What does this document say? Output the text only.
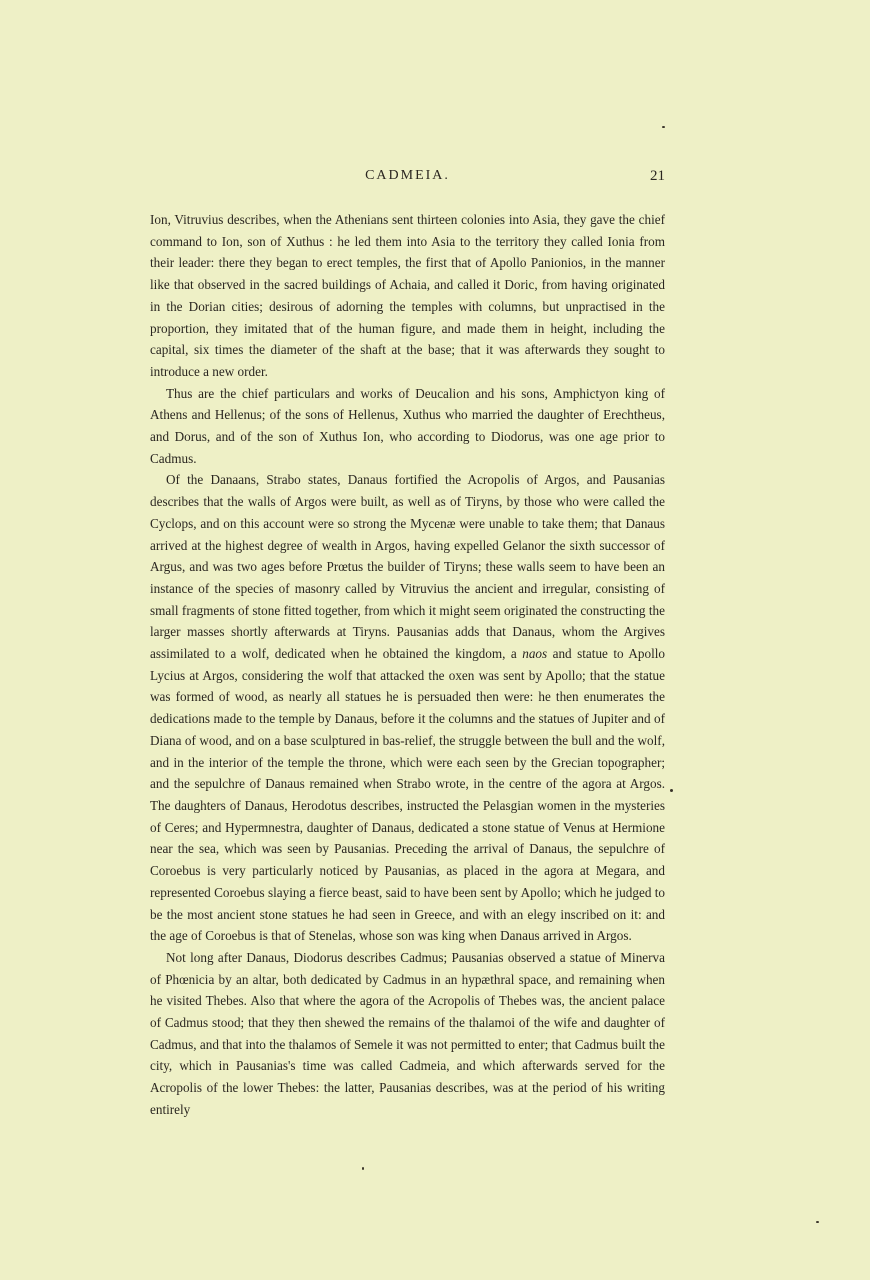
CADMEIA.	21

Ion, Vitruvius describes, when the Athenians sent thirteen colonies into Asia, they gave the chief command to Ion, son of Xuthus : he led them into Asia to the territory they called Ionia from their leader: there they began to erect temples, the first that of Apollo Panionios, in the manner like that observed in the sacred buildings of Achaia, and called it Doric, from having originated in the Dorian cities; desirous of adorning the temples with columns, but unpractised in the proportion, they imitated that of the human figure, and made them in height, including the capital, six times the diameter of the shaft at the base; that it was afterwards they sought to introduce a new order.

Thus are the chief particulars and works of Deucalion and his sons, Amphictyon king of Athens and Hellenus; of the sons of Hellenus, Xuthus who married the daughter of Erechtheus, and Dorus, and of the son of Xuthus Ion, who according to Diodorus, was one age prior to Cadmus.

Of the Danaans, Strabo states, Danaus fortified the Acropolis of Argos, and Pausanias describes that the walls of Argos were built, as well as of Tiryns, by those who were called the Cyclops, and on this account were so strong the Mycenæ were unable to take them; that Danaus arrived at the highest degree of wealth in Argos, having expelled Gelanor the sixth successor of Argus, and was two ages before Prœtus the builder of Tiryns; these walls seem to have been an instance of the species of masonry called by Vitruvius the ancient and irregular, consisting of small fragments of stone fitted together, from which it might seem originated the constructing the larger masses shortly afterwards at Tiryns. Pausanias adds that Danaus, whom the Argives assimilated to a wolf, dedicated when he obtained the kingdom, a naos and statue to Apollo Lycius at Argos, considering the wolf that attacked the oxen was sent by Apollo; that the statue was formed of wood, as nearly all statues he is persuaded then were: he then enumerates the dedications made to the temple by Danaus, before it the columns and the statues of Jupiter and of Diana of wood, and on a base sculptured in bas-relief, the struggle between the bull and the wolf, and in the interior of the temple the throne, which were each seen by the Grecian topographer; and the sepulchre of Danaus remained when Strabo wrote, in the centre of the agora at Argos. The daughters of Danaus, Herodotus describes, instructed the Pelasgian women in the mysteries of Ceres; and Hypermnestra, daughter of Danaus, dedicated a stone statue of Venus at Hermione near the sea, which was seen by Pausanias. Preceding the arrival of Danaus, the sepulchre of Coroebus is very particularly noticed by Pausanias, as placed in the agora at Megara, and represented Coroebus slaying a fierce beast, said to have been sent by Apollo; which he judged to be the most ancient stone statues he had seen in Greece, and with an elegy inscribed on it: and the age of Coroebus is that of Stenelas, whose son was king when Danaus arrived in Argos.

Not long after Danaus, Diodorus describes Cadmus; Pausanias observed a statue of Minerva of Phœnicia by an altar, both dedicated by Cadmus in an hypæthral space, and remaining when he visited Thebes. Also that where the agora of the Acropolis of Thebes was, the ancient palace of Cadmus stood; that they then shewed the remains of the thalamoi of the wife and daughter of Cadmus, and that into the thalamos of Semele it was not permitted to enter; that Cadmus built the city, which in Pausanias's time was called Cadmeia, and which afterwards served for the Acropolis of the lower Thebes: the latter, Pausanias describes, was at the period of his writing entirely
